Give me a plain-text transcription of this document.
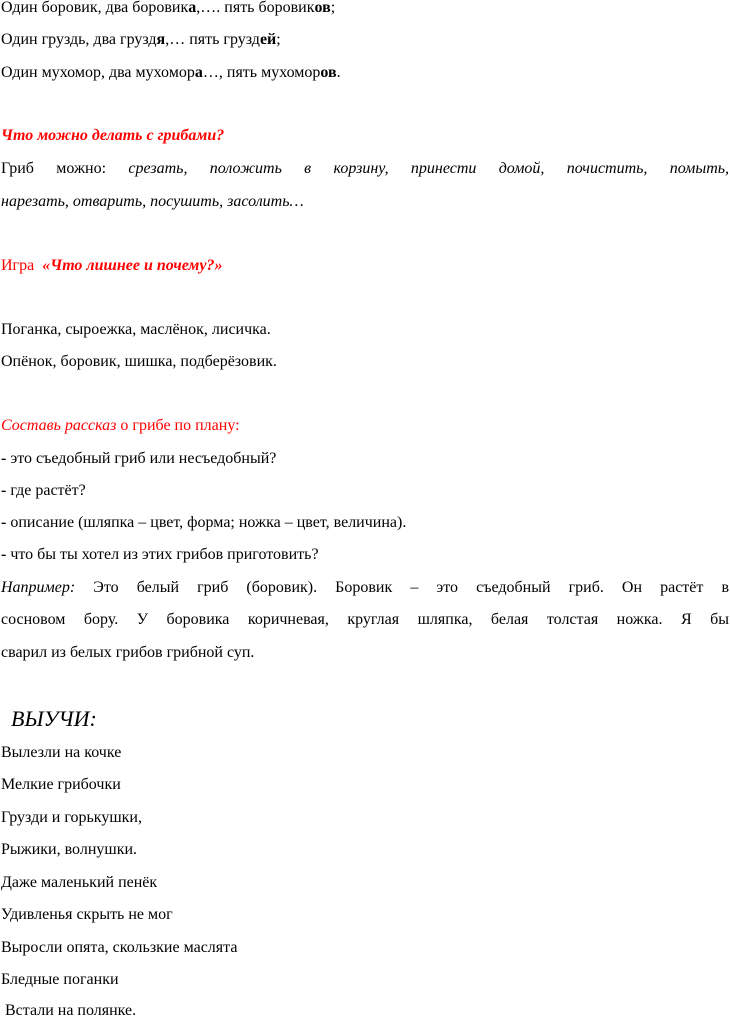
Один боровик, два боровика,…. пять боровиков;
Один груздь, два груздя,… пять груздей;
Один мухомор, два мухомора…, пять мухоморов.
Что можно делать с грибами?
Гриб можно: срезать, положить в корзину, принести домой, почистить, помыть,
нарезать, отварить, посушить, засолить…
Игра «Что лишнее и почему?»
Поганка, сыроежка, маслёнок, лисичка.
Опёнок, боровик, шишка, подберёзовик.
Составь рассказ о грибе по плану:
- это съедобный гриб или несъедобный?
- где растёт?
- описание (шляпка – цвет, форма; ножка – цвет, величина).
- что бы ты хотел из этих грибов приготовить?
Например: Это белый гриб (боровик). Боровик – это съедобный гриб. Он растёт в
сосновом бору. У боровика коричневая, круглая шляпка, белая толстая ножка. Я бы
сварил из белых грибов грибной суп.
ВЫУЧИ:
Вылезли на кочке
Мелкие грибочки
Грузди и горькушки,
Рыжики, волнушки.
Даже маленький пенёк
Удивленья скрыть не мог
Выросли опята, скользкие маслята
Бледные поганки
Встали на полянке.
